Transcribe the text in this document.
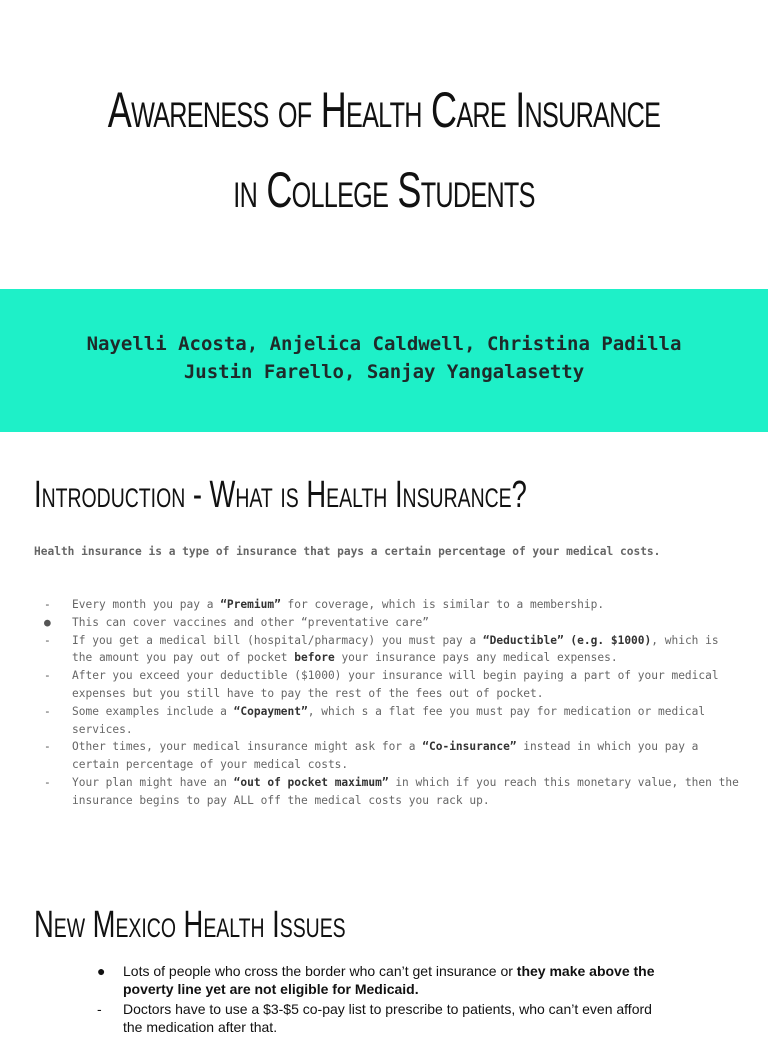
Awareness of Health Care Insurance
in College Students
Nayelli Acosta, Anjelica Caldwell, Christina Padilla
Justin Farello, Sanjay Yangalasetty
Introduction - What is Health Insurance?
Health insurance is a type of insurance that pays a certain percentage of your medical costs.
- Every month you pay a “Premium” for coverage, which is similar to a membership.
● This can cover vaccines and other “preventative care”
- If you get a medical bill (hospital/pharmacy) you must pay a “Deductible” (e.g. $1000), which is the amount you pay out of pocket before your insurance pays any medical expenses.
- After you exceed your deductible ($1000) your insurance will begin paying a part of your medical expenses but you still have to pay the rest of the fees out of pocket.
- Some examples include a “Copayment”, which s a flat fee you must pay for medication or medical services.
- Other times, your medical insurance might ask for a “Co-insurance” instead in which you pay a certain percentage of your medical costs.
- Your plan might have an “out of pocket maximum” in which if you reach this monetary value, then the insurance begins to pay ALL off the medical costs you rack up.
New Mexico Health Issues
● Lots of people who cross the border who can’t get insurance or they make above the poverty line yet are not eligible for Medicaid.
- Doctors have to use a $3-$5 co-pay list to prescribe to patients, who can’t even afford the medication after that.
